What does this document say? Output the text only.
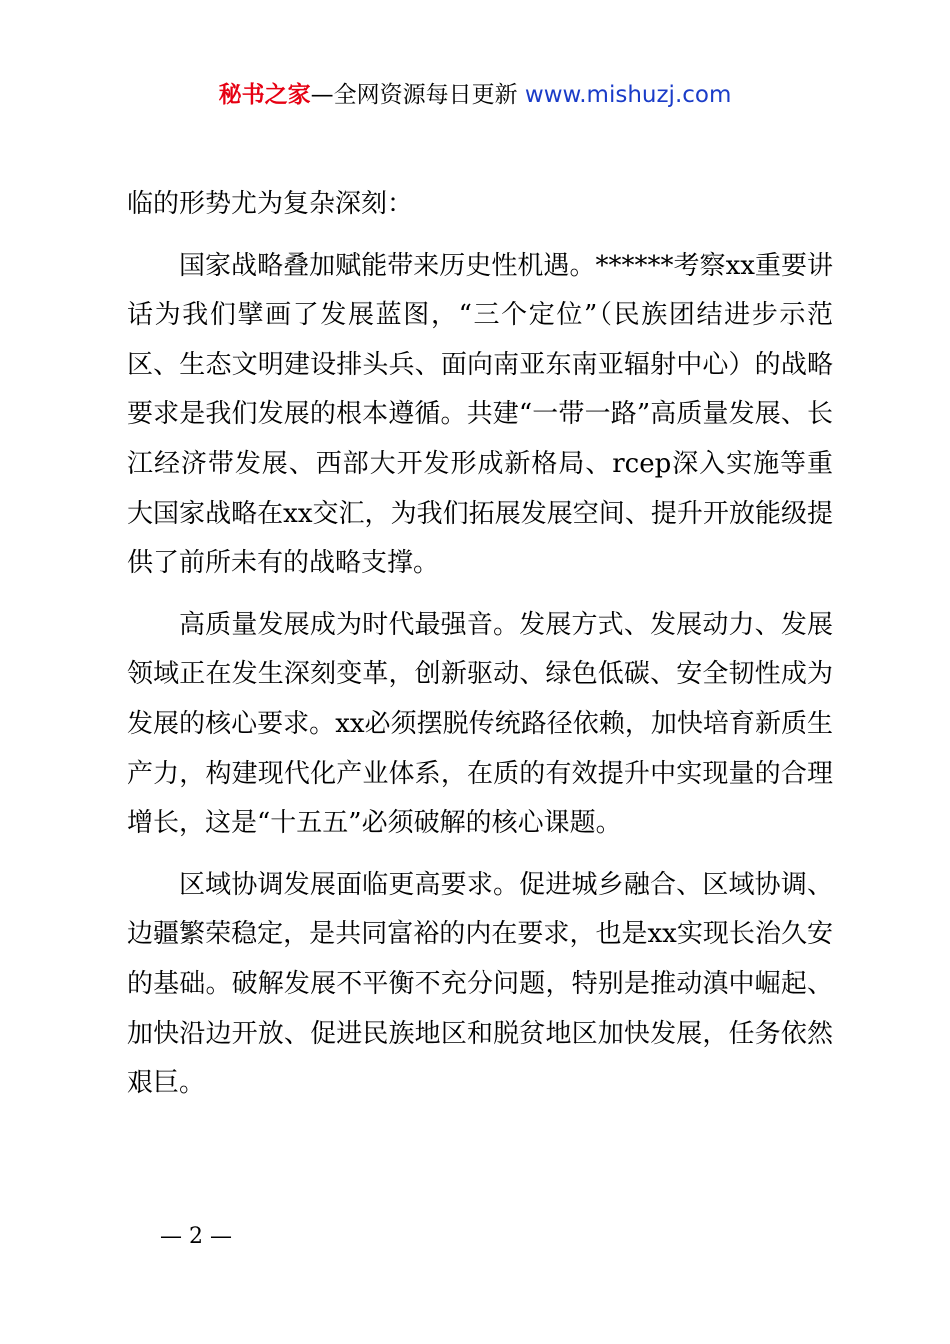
秘书之家—全网资源每日更新 www.mishuzj.com

临的形势尤为复杂深刻：

国家战略叠加赋能带来历史性机遇。******考察xx重要讲话为我们擘画了发展蓝图，“三个定位”（民族团结进步示范区、生态文明建设排头兵、面向南亚东南亚辐射中心）的战略要求是我们发展的根本遵循。共建“一带一路”高质量发展、长江经济带发展、西部大开发形成新格局、rcep深入实施等重大国家战略在xx交汇，为我们拓展发展空间、提升开放能级提供了前所未有的战略支撑。

高质量发展成为时代最强音。发展方式、发展动力、发展领域正在发生深刻变革，创新驱动、绿色低碳、安全韧性成为发展的核心要求。xx必须摆脱传统路径依赖，加快培育新质生产力，构建现代化产业体系，在质的有效提升中实现量的合理增长，这是“十五五”必须破解的核心课题。

区域协调发展面临更高要求。促进城乡融合、区域协调、边疆繁荣稳定，是共同富裕的内在要求，也是xx实现长治久安的基础。破解发展不平衡不充分问题，特别是推动滇中崛起、加快沿边开放、促进民族地区和脱贫地区加快发展，任务依然艰巨。

— 2 —
